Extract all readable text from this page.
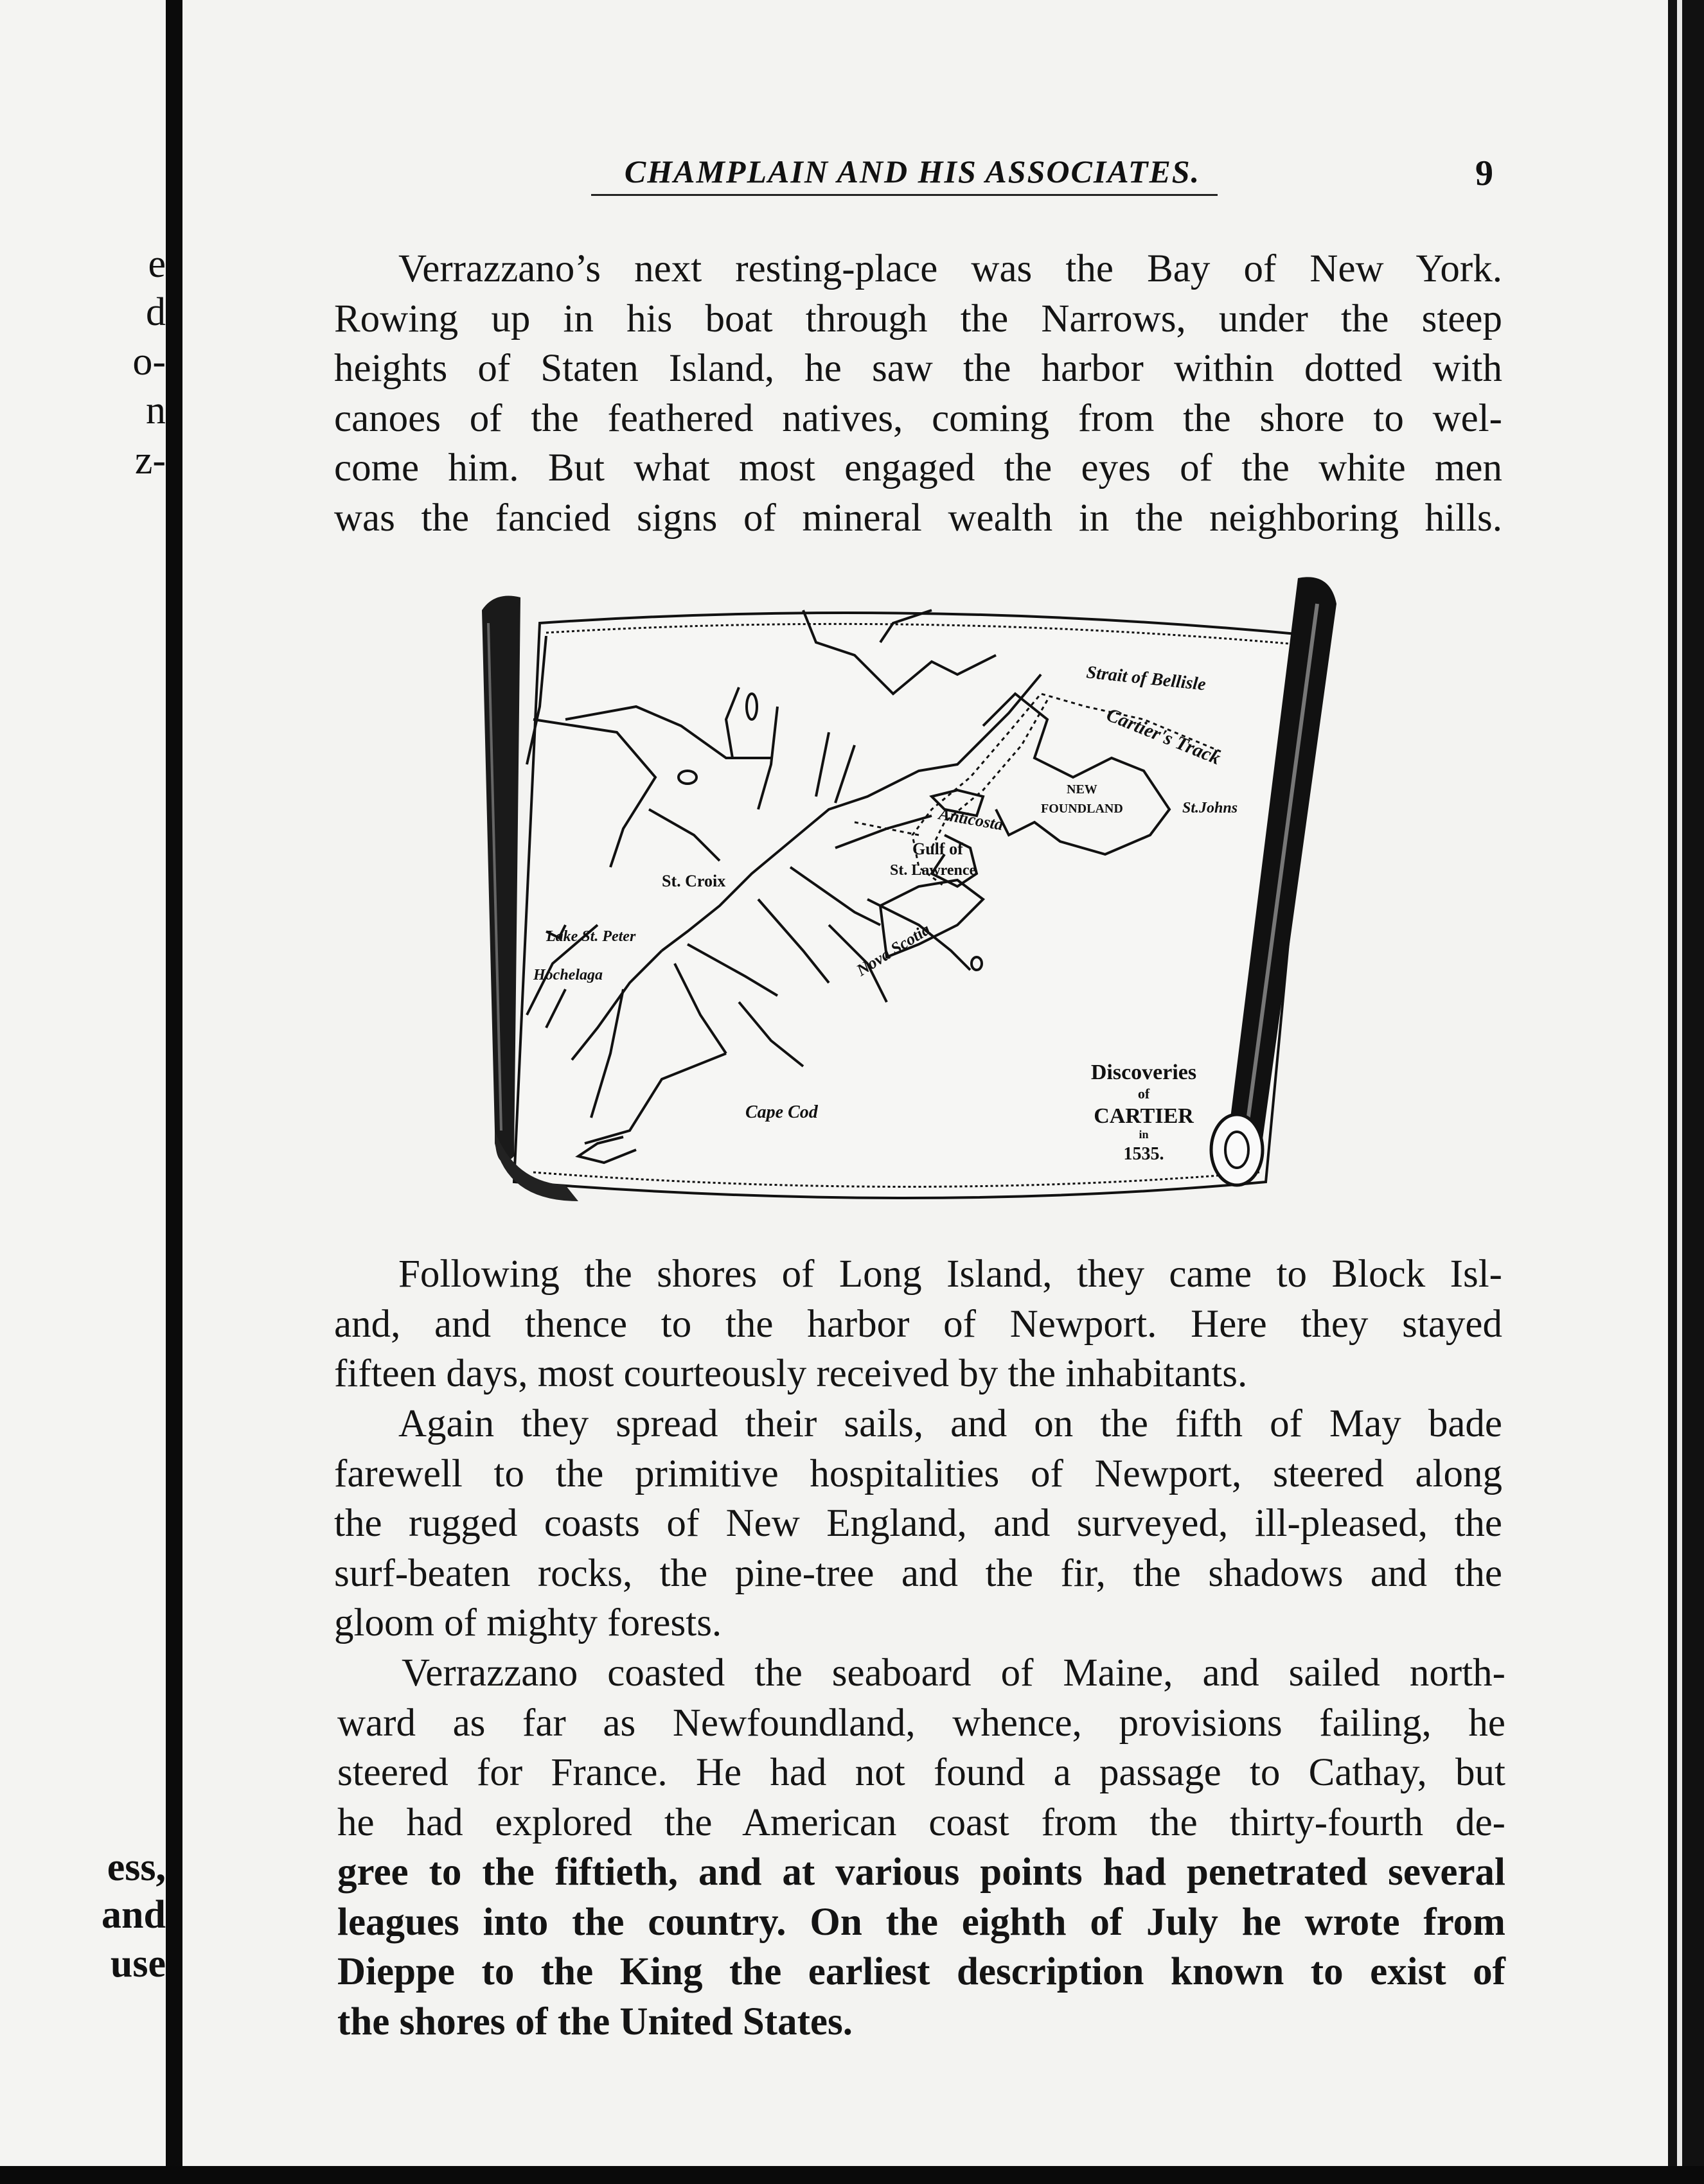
e
d
o-
n
z-
ess,
and
use
CHAMPLAIN AND HIS ASSOCIATES.	9
Verrazzano’s next resting-place was the Bay of New York.
Rowing up in his boat through the Narrows, under the steep
heights of Staten Island, he saw the harbor within dotted with
canoes of the feathered natives, coming from the shore to wel-
come him. But what most engaged the eyes of the white men
was the fancied signs of mineral wealth in the neighboring hills.
Strait of Bellisle
Cartier's Track
NEW
FOUNDLAND	St.Johns
Anticosta
Gulf of
St. Lawrence
St. Croix
Lake St. Peter
Hochelaga	Nova Scotia
Cape Cod
Discoveries
of
CARTIER
in
1535.
Following the shores of Long Island, they came to Block Isl-
and, and thence to the harbor of Newport. Here they stayed
fifteen days, most courteously received by the inhabitants.
Again they spread their sails, and on the fifth of May bade
farewell to the primitive hospitalities of Newport, steered along
the rugged coasts of New England, and surveyed, ill-pleased, the
surf-beaten rocks, the pine-tree and the fir, the shadows and the
gloom of mighty forests.
Verrazzano coasted the seaboard of Maine, and sailed north-
ward as far as Newfoundland, whence, provisions failing, he
steered for France. He had not found a passage to Cathay, but
he had explored the American coast from the thirty-fourth de-
gree to the fiftieth, and at various points had penetrated several
leagues into the country. On the eighth of July he wrote from
Dieppe to the King the earliest description known to exist of
the shores of the United States.
